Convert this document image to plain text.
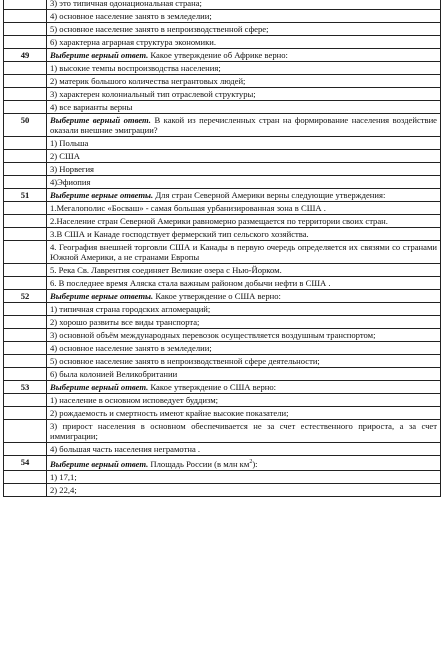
	3) это типичная одонациональная страна;
	4) основное население занято в земледелии;
	5) основное население занято в непроизводственной сфере;
	6) характерна аграрная структура экономики.
49	Выберите верный ответ. Какое утверждение об Африке верно:
	1) высокие темпы воспроизводства населения;
	2) материк большого количества негрантовых людей;
	3) характерен колониальный тип отраслевой структуры;
	4) все варианты верны
50	Выберите верный ответ. В какой из перечисленных стран на формирование населения воздействие оказали внешние эмиграции?
	1) Польша
	2) США
	3) Норвегия
	4)Эфиопия
51	Выберите верные ответы. Для стран Северной Америки верны следующие утверждения:
	1.Мегалополис «Босваш» - самая большая урбанизированная зона в США .
	2.Население стран Северной Америки равномерно размещается по территории своих стран.
	3.В США и Канаде господствует фермерский тип сельского хозяйства.
	4. География внешней торговли США и Канады в первую очередь определяется их связями со странами Южной Америки, а не странами Европы
	5. Река Св. Лаврентия соединяет Великие озера с Нью-Йорком.
	6. В последнее время Аляска стала важным районом добычи нефти в США .
52	Выберите верные ответы. Какое утверждение о США верно:
	1) типичная страна городских агломераций;
	2) хорошо развиты все виды транспорта;
	3) основной объём международных перевозок осуществляется воздушным транспортом;
	4) основное население занято в земледелии;
	5) основное население занято в непроизводственной сфере деятельности;
	6) была колонией Великобритании
53	Выберите верный ответ. Какое утверждение о США верно:
	1) население в основном исповедует буддизм;
	2) рождаемость и смертность имеют крайне высокие показатели;
	3) прирост населения в основном обеспечивается не за счет естественного прироста, а за счет иммиграции;
	4) большая часть населения негрaмотна .
54	Выберите верный ответ. Площадь России (в млн $км^2$):
	1) 17,1;
	2) 22,4;
